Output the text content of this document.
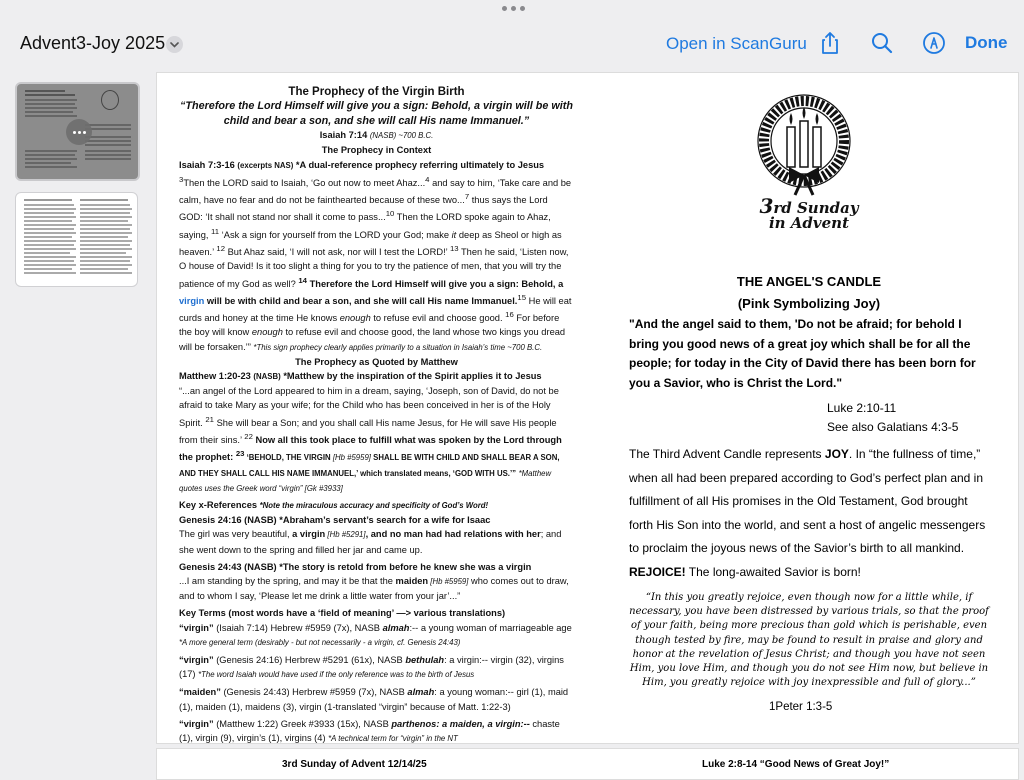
Advent3-Joy 2025	Open in ScanGuru	Done

The Prophecy of the Virgin Birth

“Therefore the Lord Himself will give you a sign: Behold, a virgin will be with child and bear a son, and she will call His name Immanuel.”

Isaiah 7:14 (NASB) ~700 B.C.

The Prophecy in Context

Isaiah 7:3-16 (excerpts NAS) *A dual-reference prophecy referring ultimately to Jesus
$^3$Then the LORD said to Isaiah, ‘Go out now to meet Ahaz...$^4$ and say to him, ‘Take care and be calm, have no fear and do not be fainthearted because of these two...$^7$ thus says the Lord GOD: ‘It shall not stand nor shall it come to pass...$^{10}$ Then the LORD spoke again to Ahaz, saying, $^{11}$ ‘Ask a sign for yourself from the LORD your God; make it deep as Sheol or high as heaven.’ $^{12}$ But Ahaz said, ‘I will not ask, nor will I test the LORD!’ $^{13}$ Then he said, ‘Listen now, O house of David! Is it too slight a thing for you to try the patience of men, that you will try the patience of my God as well? $^{14}$ Therefore the Lord Himself will give you a sign: Behold, a virgin will be with child and bear a son, and she will call His name Immanuel.$^{15}$ He will eat curds and honey at the time He knows enough to refuse evil and choose good. $^{16}$ For before the boy will know enough to refuse evil and choose good, the land whose two kings you dread will be forsaken.’” *This sign prophecy clearly applies primarily to a situation in Isaiah’s time ~700 B.C.

The Prophecy as Quoted by Matthew

Matthew 1:20-23 (NASB) *Matthew by the inspiration of the Spirit applies it to Jesus
“...an angel of the Lord appeared to him in a dream, saying, ‘Joseph, son of David, do not be afraid to take Mary as your wife; for the Child who has been conceived in her is of the Holy Spirit. $^{21}$ She will bear a Son; and you shall call His name Jesus, for He will save His people from their sins.’ $^{22}$ Now all this took place to fulfill what was spoken by the Lord through the prophet: $^{23}$ ‘BEHOLD, THE VIRGIN [Hb #5959] SHALL BE WITH CHILD AND SHALL BEAR A SON, AND THEY SHALL CALL HIS NAME IMMANUEL,’ which translated means, ‘GOD WITH US.’” *Matthew quotes uses the Greek word “virgin” [Gk #3933]

Key x-References *Note the miraculous accuracy and specificity of God’s Word!

Genesis 24:16 (NASB) *Abraham’s servant’s search for a wife for Isaac
The girl was very beautiful, a virgin [Hb #5291], and no man had had relations with her; and she went down to the spring and filled her jar and came up.

Genesis 24:43 (NASB) *The story is retold from before he knew she was a virgin
...I am standing by the spring, and may it be that the maiden [Hb #5959] who comes out to draw, and to whom I say, ‘Please let me drink a little water from your jar’...”

Key Terms (most words have a ‘field of meaning’ —> various translations)

“virgin” (Isaiah 7:14) Hebrew #5959 (7x), NASB almah:-- a young woman of marriageable age *A more general term (desirably - but not necessarily - a virgin, cf. Genesis 24:43)

“virgin” (Genesis 24:16) Herbrew #5291 (61x), NASB bethulah: a virgin:-- virgin (32), virgins (17) *The word Isaiah would have used if the only reference was to the birth of Jesus

“maiden” (Genesis 24:43) Herbrew #5959 (7x), NASB almah: a young woman:-- girl (1), maid (1), maiden (1), maidens (3), virgin (1-translated “virgin” because of Matt. 1:22-3)

“virgin” (Matthew 1:22) Greek #3933 (15x), NASB parthenos: a maiden, a virgin:-- chaste (1), virgin (9), virgin’s (1), virgins (4) *A technical term for “virgin” in the NT

3rd Sunday
in Advent
THE ANGEL'S CANDLE
(Pink Symbolizing Joy)
"And the angel said to them, 'Do not be afraid; for behold I bring you good news of a great joy which shall be for all the people; for today in the City of David there has been born for you a Savior, who is Christ the Lord."
Luke 2:10-11
See also Galatians 4:3-5
The Third Advent Candle represents JOY. In “the fullness of time,” when all had been prepared according to God’s perfect plan and in fulfillment of all His promises in the Old Testament, God brought forth His Son into the world, and sent a host of angelic messengers to proclaim the joyous news of the Savior’s birth to all mankind. REJOICE! The long-awaited Savior is born!
“In this you greatly rejoice, even though now for a little while, if necessary, you have been distressed by various trials, so that the proof of your faith, being more precious than gold which is perishable, even though tested by fire, may be found to result in praise and glory and honor at the revelation of Jesus Christ; and though you have not seen Him, you love Him, and though you do not see Him now, but believe in Him, you greatly rejoice with joy inexpressible and full of glory...”
1Peter 1:3-5
3rd Sunday of Advent 12/14/25	Luke 2:8-14 “Good News of Great Joy!”
